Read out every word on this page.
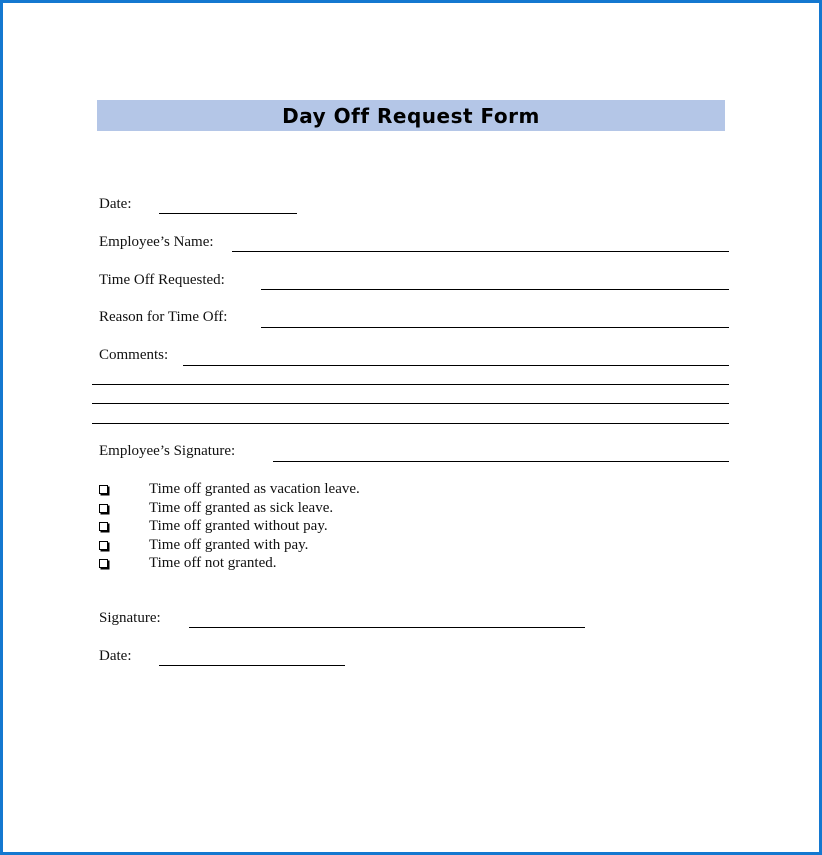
Day Off Request Form
Date:
Employee’s Name:
Time Off Requested:
Reason for Time Off:
Comments:
Employee’s Signature:
Time off granted as vacation leave.
Time off granted as sick leave.
Time off granted without pay.
Time off granted with pay.
Time off not granted.
Signature:
Date:
